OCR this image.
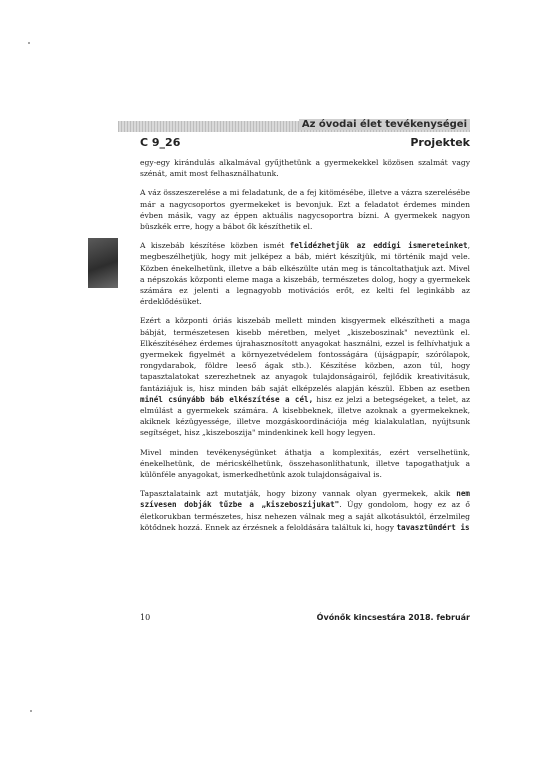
Az óvodai élet tevékenységei
C 9_26	Projektek

egy-egy kirándulás alkalmával gyűjthetünk a gyermekekkel közösen szalmát vagy szénát, amit most felhasználhatunk.

A váz összeszerelése a mi feladatunk, de a fej kitömésébe, illetve a vázra szerelésébe már a nagycsoportos gyermekeket is bevonjuk. Ezt a feladatot érdemes minden évben másik, vagy az éppen aktuális nagycsoportra bízni. A gyermekek nagyon büszkék erre, hogy a bábot ők készíthetik el.

A kiszebáb készítése közben ismét felidézhetjük az eddigi ismereteinket, megbeszélhetjük, hogy mit jelképez a báb, miért készítjük, mi történik majd vele. Közben énekelhetünk, illetve a báb elkészülte után meg is táncoltathatjuk azt. Mivel a népszokás központi eleme maga a kiszebáb, természetes dolog, hogy a gyermekek számára ez jelenti a legnagyobb motivációs erőt, ez kelti fel leginkább az érdeklődésüket.

Ezért a központi óriás kiszebáb mellett minden kisgyermek elkészítheti a maga bábját, természetesen kisebb méretben, melyet „kiszeboszinak" neveztünk el. Elkészítéséhez érdemes újrahasznosított anyagokat használni, ezzel is felhívhatjuk a gyermekek figyelmét a környezetvédelem fontosságára (újságpapír, szórólapok, rongydarabok, földre leeső ágak stb.). Készítése közben, azon túl, hogy tapasztalatokat szerezhetnek az anyagok tulajdonságairól, fejlődik kreativitásuk, fantáziájuk is, hisz minden báb saját elképzelés alapján készül. Ebben az esetben minél csúnyább báb elkészítése a cél, hisz ez jelzi a betegségeket, a telet, az elmúlást a gyermekek számára. A kisebbeknek, illetve azoknak a gyermekeknek, akiknek kézügyessége, illetve mozgáskoordinációja még kialakulatlan, nyújtsunk segítséget, hisz „kiszeboszija" mindenkinek kell hogy legyen.

Mivel minden tevékenységünket áthatja a komplexitás, ezért verselhetünk, énekelhetünk, de méricskélhetünk, összehasonlíthatunk, illetve tapogathatjuk a különféle anyagokat, ismerkedhetünk azok tulajdonságaival is.

Tapasztalataink azt mutatják, hogy bizony vannak olyan gyermekek, akik nem szívesen dobják tűzbe a „kiszeboszijukat". Úgy gondolom, hogy ez az ő életkorukban természetes, hisz nehezen válnak meg a saját alkotásuktól, érzelmileg kötődnek hozzá. Ennek az érzésnek a feloldására találtuk ki, hogy tavasztündért is

10	Óvónők kincsestára 2018. február
